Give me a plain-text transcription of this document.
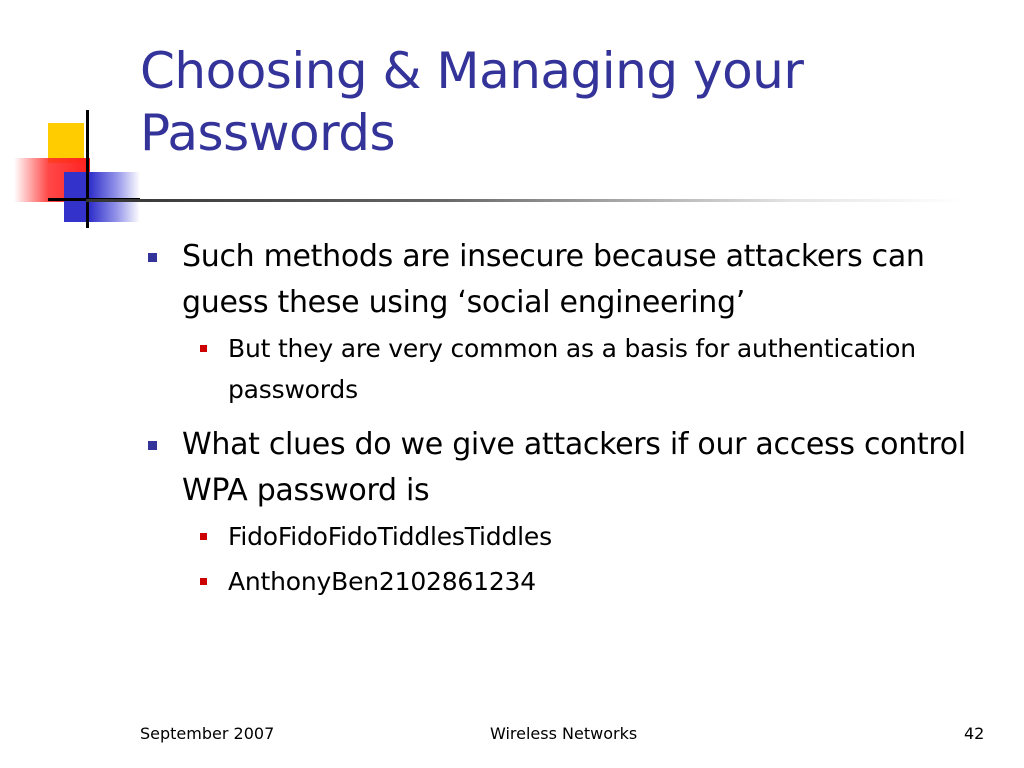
Choosing & Managing your Passwords
Such methods are insecure because attackers can guess these using ‘social engineering’
But they are very common as a basis for authentication passwords
What clues do we give attackers if our access control WPA password is
FidoFidoFidoTiddlesTiddles
AnthonyBen2102861234
September 2007	Wireless Networks	42
